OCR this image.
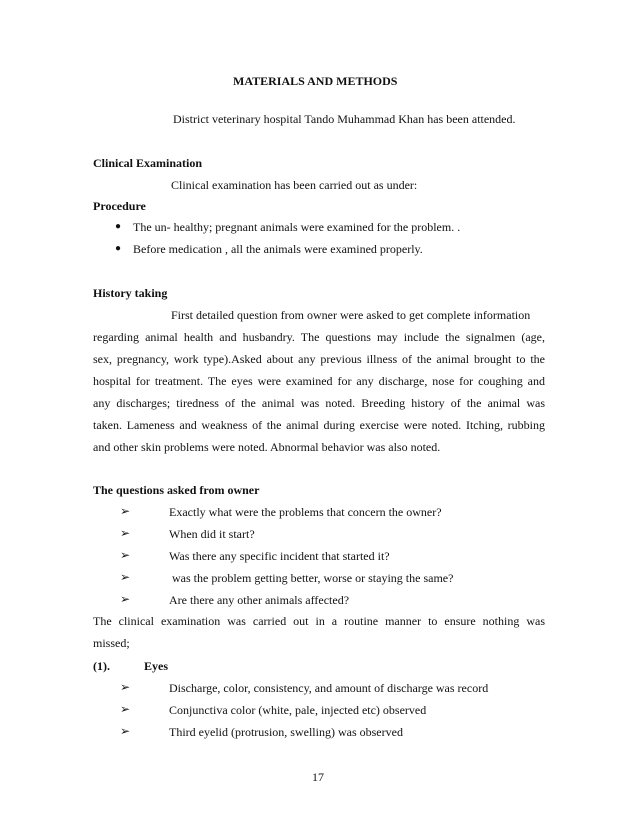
MATERIALS AND METHODS
District veterinary hospital Tando Muhammad Khan has been attended.
Clinical Examination
Clinical examination has been carried out as under:
Procedure
● The un- healthy; pregnant animals were examined for the problem. .
● Before medication , all the animals were examined properly.
History taking
First detailed question from owner were asked to get complete information
regarding animal health and husbandry. The questions may include the signalmen (age,
sex, pregnancy, work type).Asked about any previous illness of the animal brought to the
hospital for treatment. The eyes were examined for any discharge, nose for coughing and
any discharges; tiredness of the animal was noted. Breeding history of the animal was
taken. Lameness and weakness of the animal during exercise were noted. Itching, rubbing
and other skin problems were noted. Abnormal behavior was also noted.
The questions asked from owner
➢	Exactly what were the problems that concern the owner?
➢	When did it start?
➢	Was there any specific incident that started it?
➢	was the problem getting better, worse or staying the same?
➢	Are there any other animals affected?
The clinical examination was carried out in a routine manner to ensure nothing was
missed;
(1).	Eyes
➢	Discharge, color, consistency, and amount of discharge was record
➢	Conjunctiva color (white, pale, injected etc) observed
➢	Third eyelid (protrusion, swelling) was observed
17
